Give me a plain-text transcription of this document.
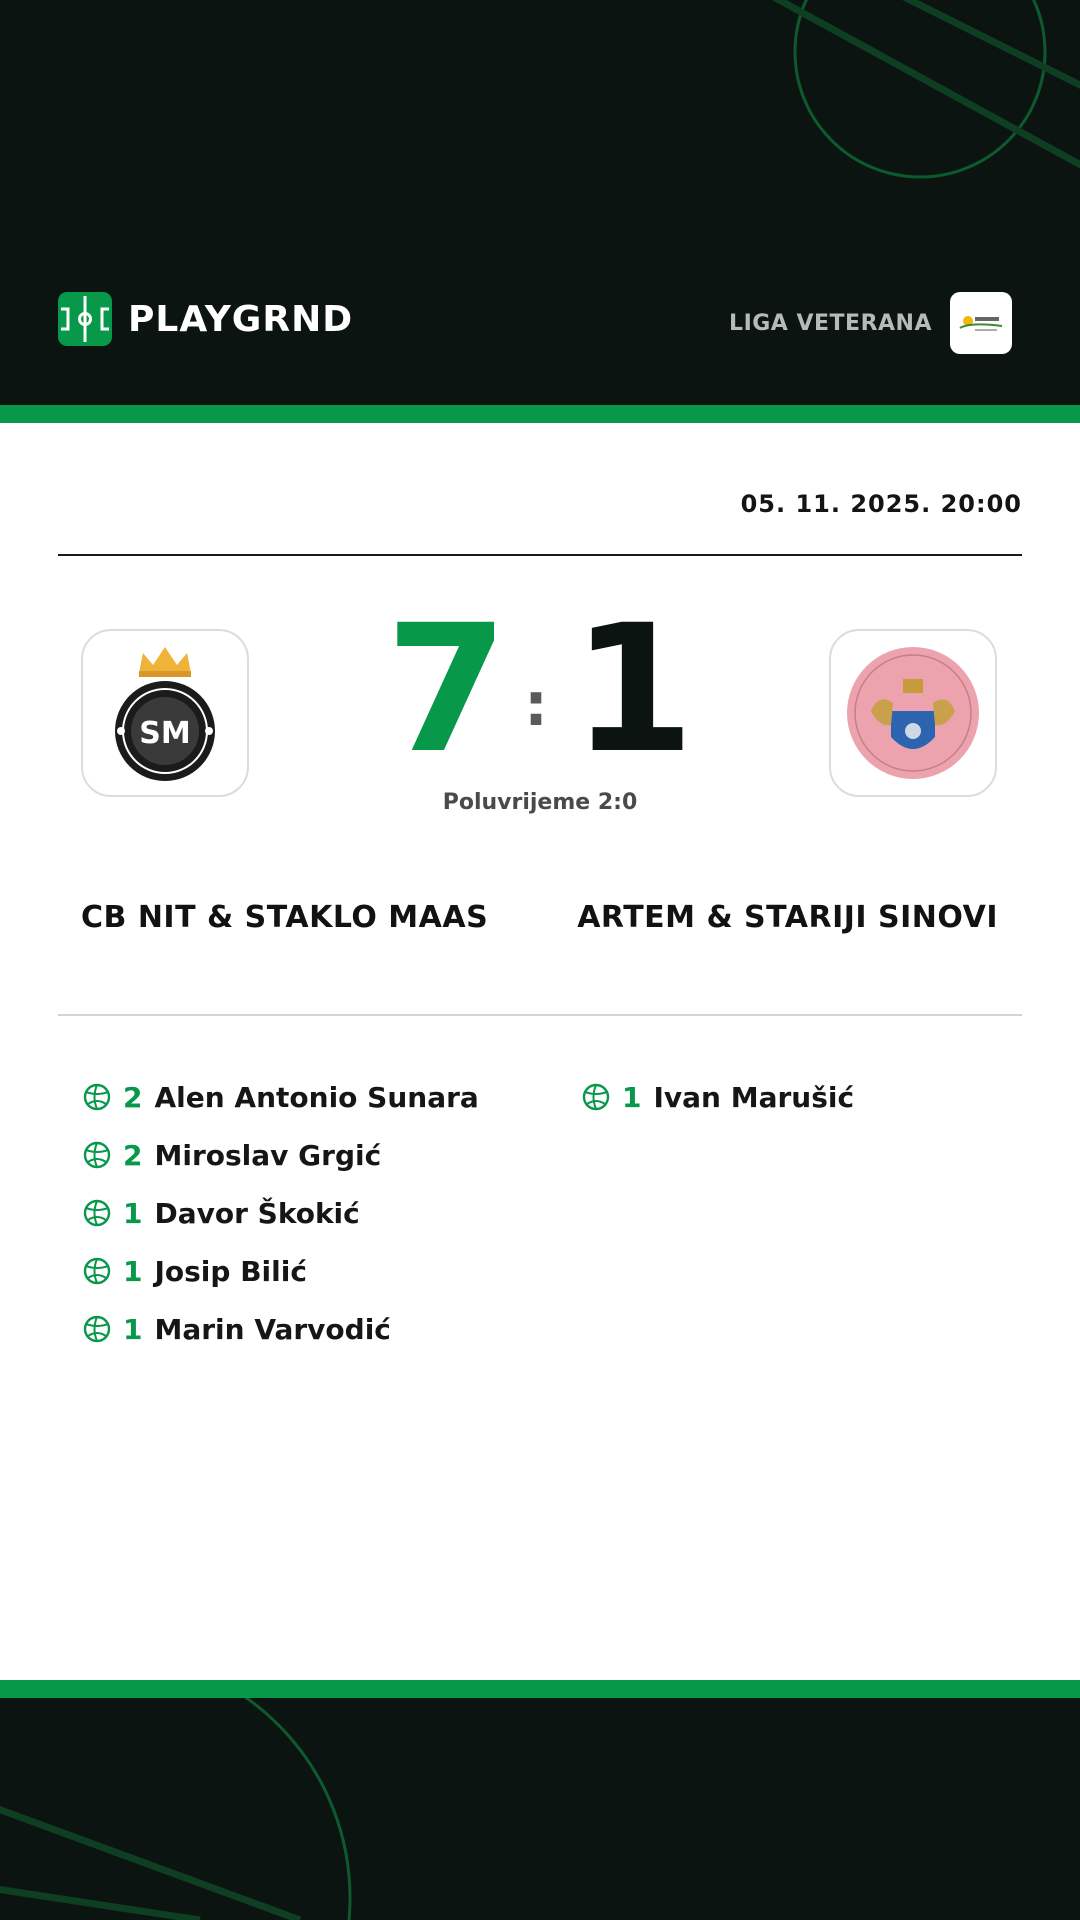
PLAYGRND	LIGA VETERANA
05. 11. 2025. 20:00
SM 7 : 1
Poluvrijeme 2:0
CB NIT & STAKLO MAAS	ARTEM & STARIJI SINOVI
2 Alen Antonio Sunara
2 Miroslav Grgić
1 Davor Škokić
1 Josip Bilić
1 Marin Varvodić
1 Ivan Marušić
